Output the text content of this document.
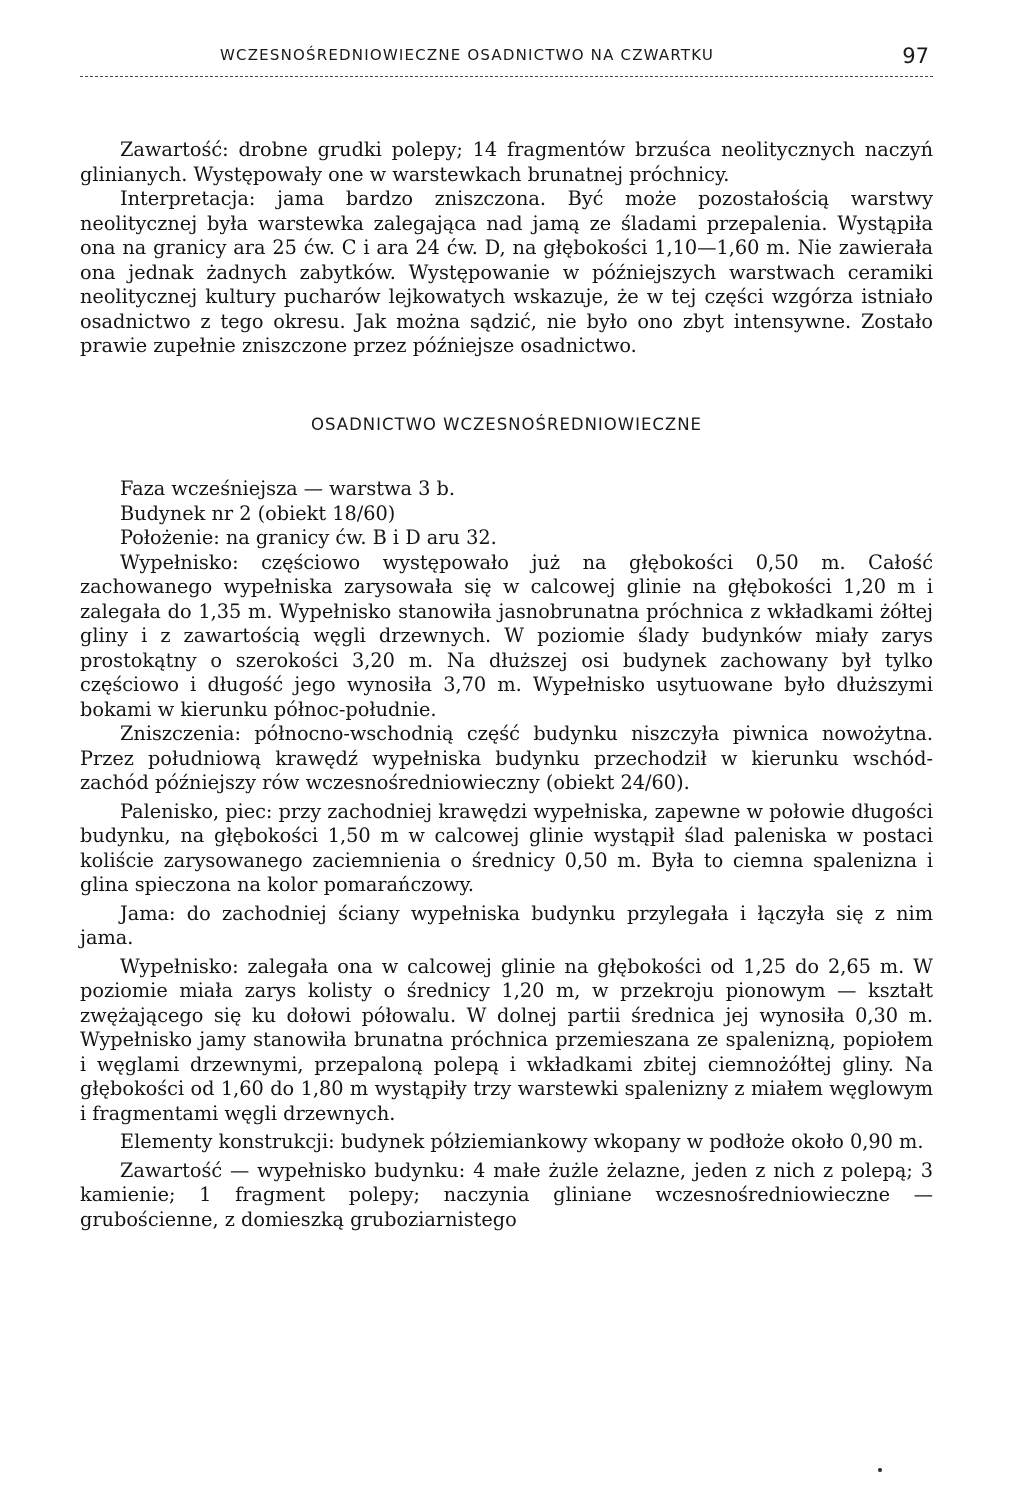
WCZESNOŚREDNIOWIECZNE OSADNICTWO NA CZWARTKU	97

Zawartość: drobne grudki polepy; 14 fragmentów brzuśca neolitycznych naczyń glinianych. Występowały one w warstewkach brunatnej próchnicy.

Interpretacja: jama bardzo zniszczona. Być może pozostałością warstwy neolitycznej była warstewka zalegająca nad jamą ze śladami przepalenia. Wystąpiła ona na granicy ara 25 ćw. C i ara 24 ćw. D, na głębokości 1,10—1,60 m. Nie zawierała ona jednak żadnych zabytków. Występowanie w późniejszych warstwach ceramiki neolitycznej kultury pucharów lejkowatych wskazuje, że w tej części wzgórza istniało osadnictwo z tego okresu. Jak można sądzić, nie było ono zbyt intensywne. Zostało prawie zupełnie zniszczone przez późniejsze osadnictwo.

OSADNICTWO WCZESNOŚREDNIOWIECZNE

Faza wcześniejsza — warstwa 3 b.

Budynek nr 2 (obiekt 18/60)

Położenie: na granicy ćw. B i D aru 32.

Wypełnisko: częściowo występowało już na głębokości 0,50 m. Całość zachowanego wypełniska zarysowała się w calcowej glinie na głębokości 1,20 m i zalegała do 1,35 m. Wypełnisko stanowiła jasnobrunatna próchnica z wkładkami żółtej gliny i z zawartością węgli drzewnych. W poziomie ślady budynków miały zarys prostokątny o szerokości 3,20 m. Na dłuższej osi budynek zachowany był tylko częściowo i długość jego wynosiła 3,70 m. Wypełnisko usytuowane było dłuższymi bokami w kierunku północ-południe.

Zniszczenia: północno-wschodnią część budynku niszczyła piwnica nowożytna. Przez południową krawędź wypełniska budynku przechodził w kierunku wschód-zachód późniejszy rów wczesnośredniowieczny (obiekt 24/60).

Palenisko, piec: przy zachodniej krawędzi wypełniska, zapewne w połowie długości budynku, na głębokości 1,50 m w calcowej glinie wystąpił ślad paleniska w postaci koliście zarysowanego zaciemnienia o średnicy 0,50 m. Była to ciemna spalenizna i glina spieczona na kolor pomarańczowy.

Jama: do zachodniej ściany wypełniska budynku przylegała i łączyła się z nim jama.

Wypełnisko: zalegała ona w calcowej glinie na głębokości od 1,25 do 2,65 m. W poziomie miała zarys kolisty o średnicy 1,20 m, w przekroju pionowym — kształt zwężającego się ku dołowi półowalu. W dolnej partii średnica jej wynosiła 0,30 m. Wypełnisko jamy stanowiła brunatna próchnica przemieszana ze spalenizną, popiołem i węglami drzewnymi, przepaloną polepą i wkładkami zbitej ciemnożółtej gliny. Na głębokości od 1,60 do 1,80 m wystąpiły trzy warstewki spalenizny z miałem węglowym i fragmentami węgli drzewnych.

Elementy konstrukcji: budynek półziemiankowy wkopany w podłoże około 0,90 m.

Zawartość — wypełnisko budynku: 4 małe żużle żelazne, jeden z nich z polepą; 3 kamienie; 1 fragment polepy; naczynia gliniane wczesnośredniowieczne — grubościenne, z domieszką gruboziarnistego
